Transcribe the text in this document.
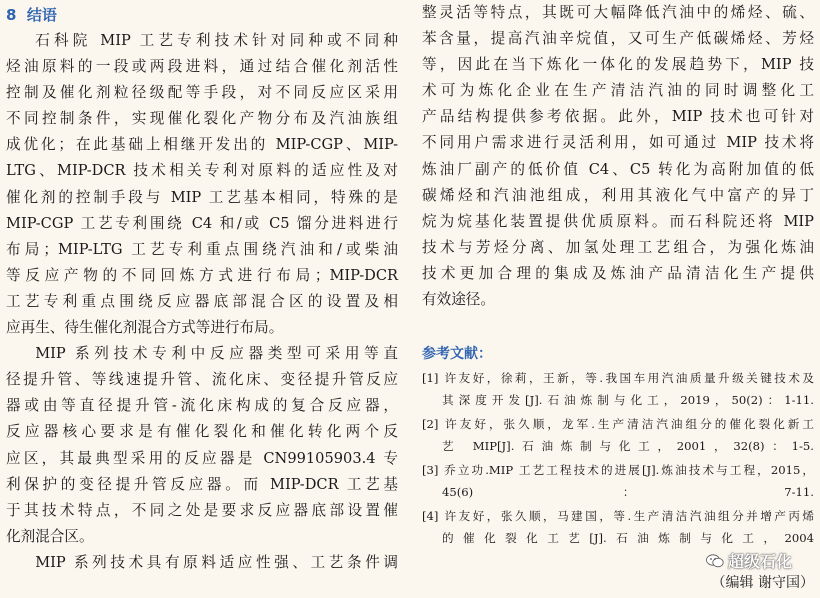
8 结语
石科院 MIP 工艺专利技术针对同种或不同种
烃油原料的一段或两段进料，通过结合催化剂活性
控制及催化剂粒径级配等手段，对不同反应区采用
不同控制条件，实现催化裂化产物分布及汽油族组
成优化；在此基础上相继开发出的 MIP-CGP、MIP-
LTG、MIP-DCR 技术相关专利对原料的适应性及对
催化剂的控制手段与 MIP 工艺基本相同，特殊的是
MIP-CGP 工艺专利围绕 C4 和/或 C5 馏分进料进行
布局；MIP-LTG 工艺专利重点围绕汽油和/或柴油
等反应产物的不同回炼方式进行布局；MIP-DCR
工艺专利重点围绕反应器底部混合区的设置及相
应再生、待生催化剂混合方式等进行布局。
MIP 系列技术专利中反应器类型可采用等直
径提升管、等线速提升管、流化床、变径提升管反应
器或由等直径提升管-流化床构成的复合反应器，
反应器核心要求是有催化裂化和催化转化两个反
应区，其最典型采用的反应器是 CN99105903.4 专
利保护的变径提升管反应器。而 MIP-DCR 工艺基
于其技术特点，不同之处是要求反应器底部设置催
化剂混合区。
MIP 系列技术具有原料适应性强、工艺条件调
整灵活等特点，其既可大幅降低汽油中的烯烃、硫、
苯含量，提高汽油辛烷值，又可生产低碳烯烃、芳烃
等，因此在当下炼化一体化的发展趋势下，MIP 技
术可为炼化企业在生产清洁汽油的同时调整化工
产品结构提供参考依据。此外，MIP 技术也可针对
不同用户需求进行灵活利用，如可通过 MIP 技术将
炼油厂副产的低价值 C4、C5 转化为高附加值的低
碳烯烃和汽油池组成，利用其液化气中富产的异丁
烷为烷基化装置提供优质原料。而石科院还将 MIP
技术与芳烃分离、加氢处理工艺组合，为强化炼油
技术更加合理的集成及炼油产品清洁化生产提供
有效途径。
参考文献：
[1] 许友好，徐莉，王新，等.我国车用汽油质量升级关键技术及
其深度开发[J].石油炼制与化工，2019，50(2)：1-11.
[2] 许友好，张久顺，龙军.生产清洁汽油组分的催化裂化新工
艺 MIP[J].石油炼制与化工，2001，32(8)：1-5.
[3] 乔立功.MIP 工艺工程技术的进展[J].炼油技术与工程，2015，
45(6)：7-11.
[4] 许友好，张久顺，马建国，等.生产清洁汽油组分并增产丙烯
的催化裂化工艺[J].石油炼制与化工，2004
超级石化
（编辑 谢守国）
